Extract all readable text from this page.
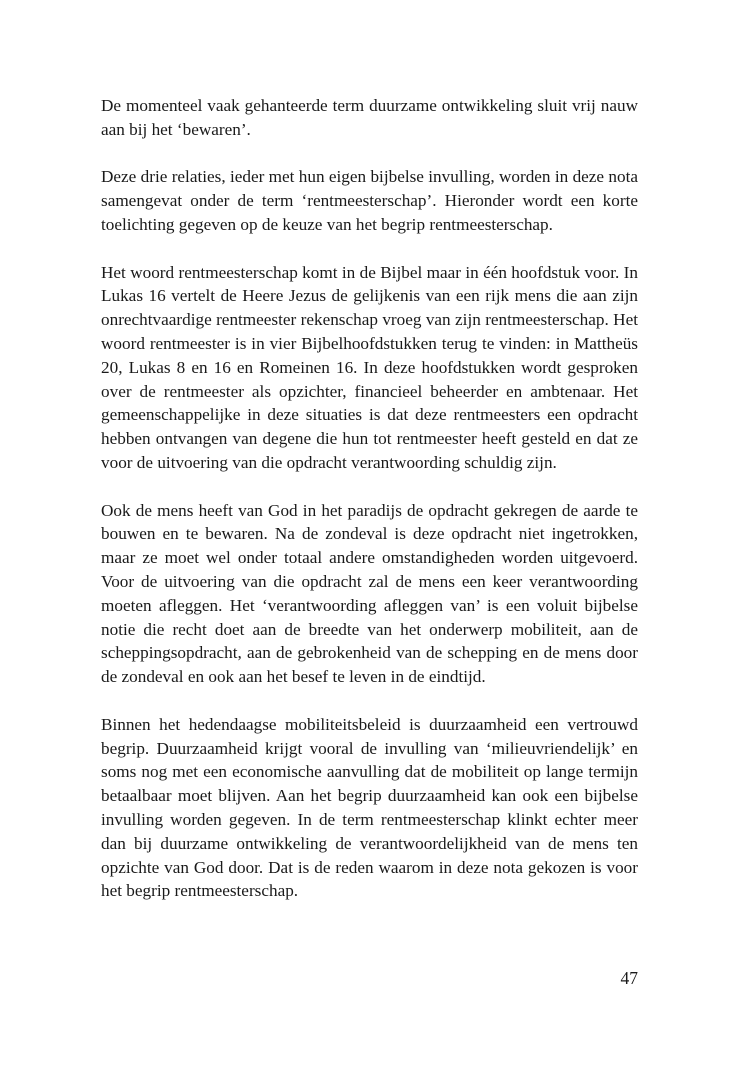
De momenteel vaak gehanteerde term duurzame ontwikkeling sluit vrij nauw aan bij het ‘bewaren’.

Deze drie relaties, ieder met hun eigen bijbelse invulling, worden in deze nota samengevat onder de term ‘rentmeesterschap’. Hieronder wordt een korte toelichting gegeven op de keuze van het begrip rentmeesterschap.

Het woord rentmeesterschap komt in de Bijbel maar in één hoofdstuk voor. In Lukas 16 vertelt de Heere Jezus de gelijkenis van een rijk mens die aan zijn onrechtvaardige rentmeester rekenschap vroeg van zijn rentmeesterschap. Het woord rentmeester is in vier Bijbelhoofdstukken terug te vinden: in Mattheüs 20, Lukas 8 en 16 en Romeinen 16. In deze hoofdstukken wordt gesproken over de rentmeester als opzichter, financieel beheerder en ambtenaar. Het gemeenschappelijke in deze situaties is dat deze rentmeesters een opdracht hebben ontvangen van degene die hun tot rentmeester heeft gesteld en dat ze voor de uitvoering van die opdracht verantwoording schuldig zijn.

Ook de mens heeft van God in het paradijs de opdracht gekregen de aarde te bouwen en te bewaren. Na de zondeval is deze opdracht niet ingetrokken, maar ze moet wel onder totaal andere omstandigheden worden uitgevoerd. Voor de uitvoering van die opdracht zal de mens een keer verantwoording moeten afleggen. Het ‘verantwoording afleggen van’ is een voluit bijbelse notie die recht doet aan de breedte van het onderwerp mobiliteit, aan de scheppingsopdracht, aan de gebrokenheid van de schepping en de mens door de zondeval en ook aan het besef te leven in de eindtijd.

Binnen het hedendaagse mobiliteitsbeleid is duurzaamheid een vertrouwd begrip. Duurzaamheid krijgt vooral de invulling van ‘milieuvriendelijk’ en soms nog met een economische aanvulling dat de mobiliteit op lange termijn betaalbaar moet blijven. Aan het begrip duurzaamheid kan ook een bijbelse invulling worden gegeven. In de term rentmeesterschap klinkt echter meer dan bij duurzame ontwikkeling de verantwoordelijkheid van de mens ten opzichte van God door. Dat is de reden waarom in deze nota gekozen is voor het begrip rentmeesterschap.

47
